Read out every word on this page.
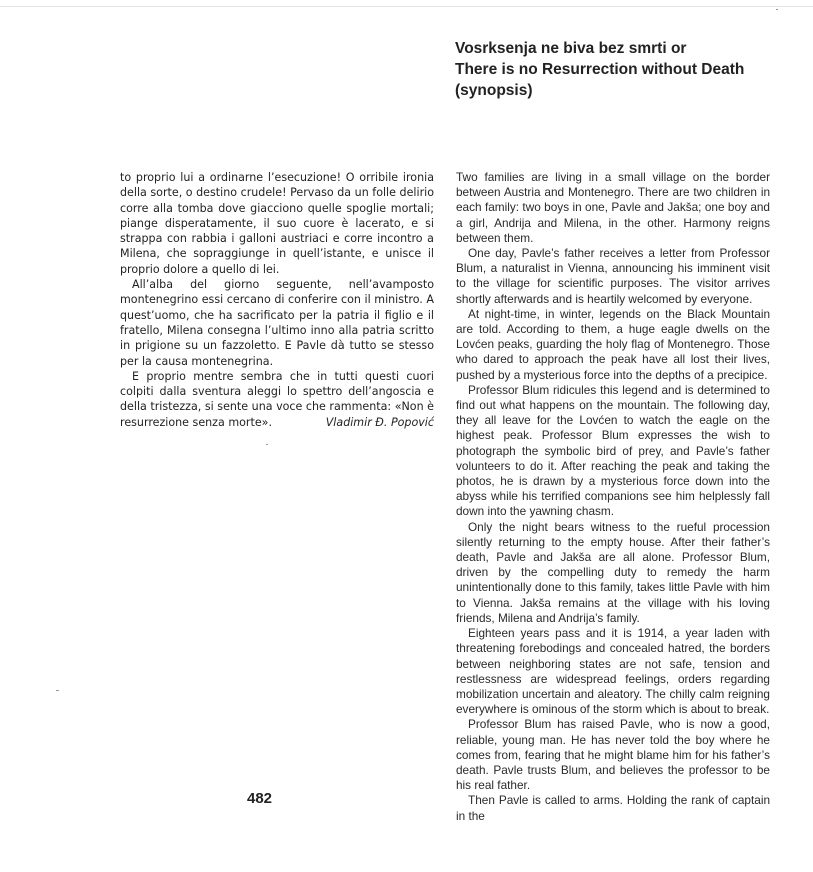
Vosrksenja ne biva bez smrti or
There is no Resurrection without Death
(synopsis)

to proprio lui a ordinarne l’esecuzione! O orribile ironia della sorte, o destino crudele! Pervaso da un folle delirio corre alla tomba dove giacciono quelle spoglie mortali; piange disperatamente, il suo cuore è lacerato, e si strappa con rabbia i galloni austriaci e corre incontro a Milena, che sopraggiunge in quell’istante, e unisce il proprio dolore a quello di lei.

All’alba del giorno seguente, nell’avamposto montenegrino essi cercano di conferire con il ministro. A quest’uomo, che ha sacrificato per la patria il figlio e il fratello, Milena consegna l’ultimo inno alla patria scritto in prigione su un fazzoletto. E Pavle dà tutto se stesso per la causa montenegrina.

E proprio mentre sembra che in tutti questi cuori colpiti dalla sventura aleggi lo spettro dell’angoscia e della tristezza, si sente una voce che rammenta: «Non è resurrezione senza morte».	Vladimir Đ. Popović

Two families are living in a small village on the border between Austria and Montenegro. There are two children in each family: two boys in one, Pavle and Jakša; one boy and a girl, Andrija and Milena, in the other. Harmony reigns between them.

One day, Pavle’s father receives a letter from Professor Blum, a naturalist in Vienna, announcing his imminent visit to the village for scientific purposes. The visitor arrives shortly afterwards and is heartily welcomed by everyone.

At night-time, in winter, legends on the Black Mountain are told. According to them, a huge eagle dwells on the Lovćen peaks, guarding the holy flag of Montenegro. Those who dared to approach the peak have all lost their lives, pushed by a mysterious force into the depths of a precipice.

Professor Blum ridicules this legend and is determined to find out what happens on the mountain. The following day, they all leave for the Lovćen to watch the eagle on the highest peak. Professor Blum expresses the wish to photograph the symbolic bird of prey, and Pavle’s father volunteers to do it. After reaching the peak and taking the photos, he is drawn by a mysterious force down into the abyss while his terrified companions see him helplessly fall down into the yawning chasm.

Only the night bears witness to the rueful procession silently returning to the empty house. After their father’s death, Pavle and Jakša are all alone. Professor Blum, driven by the compelling duty to remedy the harm unintentionally done to this family, takes little Pavle with him to Vienna. Jakša remains at the village with his loving friends, Milena and Andrija’s family.

Eighteen years pass and it is 1914, a year laden with threatening forebodings and concealed hatred, the borders between neighboring states are not safe, tension and restlessness are widespread feelings, orders regarding mobilization uncertain and aleatory. The chilly calm reigning everywhere is ominous of the storm which is about to break.

Professor Blum has raised Pavle, who is now a good, reliable, young man. He has never told the boy where he comes from, fearing that he might blame him for his father’s death. Pavle trusts Blum, and believes the professor to be his real father.

Then Pavle is called to arms. Holding the rank of captain in the

482
